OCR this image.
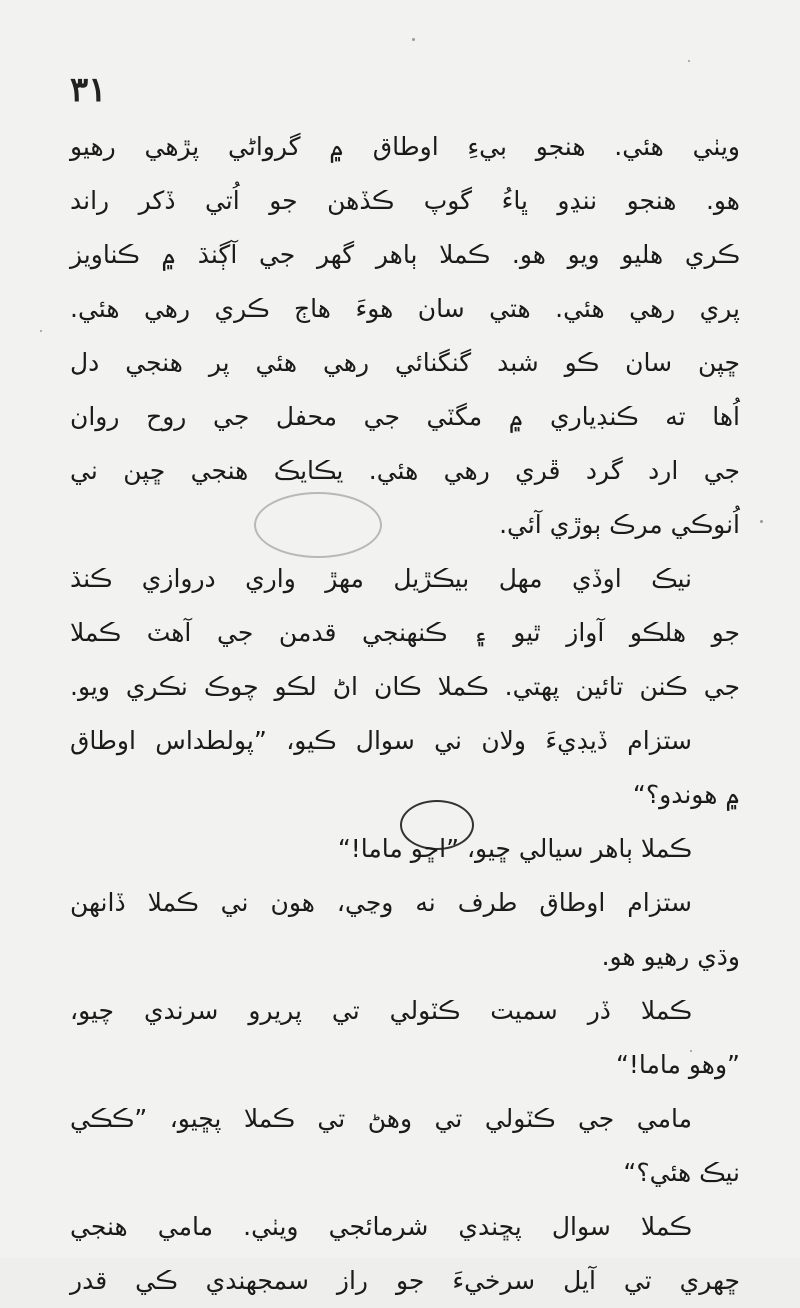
۳۱
ويٺي هئي. هنجو بيءِ اوطاق ۾ گرواڻي پڙهي رهيو
هو. هنجو ننڍو ڀاءُ گوپ ڪڏهن جو اُتي ڏکر راند
ڪري هليو ويو هو. ڪملا ٻاهر گهر جي آڳنڌ ۾ ڪناويز
پري رهي هئي. هتي سان هوءَ هاڄ ڪري رهي هئي.
ڇپن سان ڪو شبد گنگنائي رهي هئي پر هنجي دل
اُها ته ڪنڊياري ۾ مگٽي جي محفل جي روح روان
جي ارد گرد ڦري رهي هئي. يڪايڪ هنجي ڇپن ني
اُنوڪي مرڪ ٻوڙي آئي.
نيڪ اوڏي مهل بيڪڙيل مهڙ واري دروازي ڪنڌ
جو هلڪو آواز ٿيو ۽ ڪنهنجي قدمن جي آهٽ ڪملا
جي ڪنن تائين پهتي. ڪملا ڪان اڻ لڪو چوڪ نڪري ويو.
ستزام ڏيڊيءَ ولان ني سوال ڪيو، ”پولطداس اوطاق
۾ هوندو؟“
ڪملا ٻاهر سيالي ڇيو، ”اڇو ماما!“
ستزام اوطاق طرف نه وڃي، هون ني ڪملا ڏانهن
وڌي رهيو هو.
ڪملا ڏر سميت ڪٽولي تي پريرو سرندي چيو،
”وهو ماما!“
مامي جي ڪٽولي تي وهڻ تي ڪملا پڇيو، ”ڪڪي
نيڪ هئي؟“
ڪملا سوال پڇندي شرمائجي ويٺي. مامي هنجي
ڇهري تي آيل سرخيءَ جو راز سمجهندي ڪي قدر
